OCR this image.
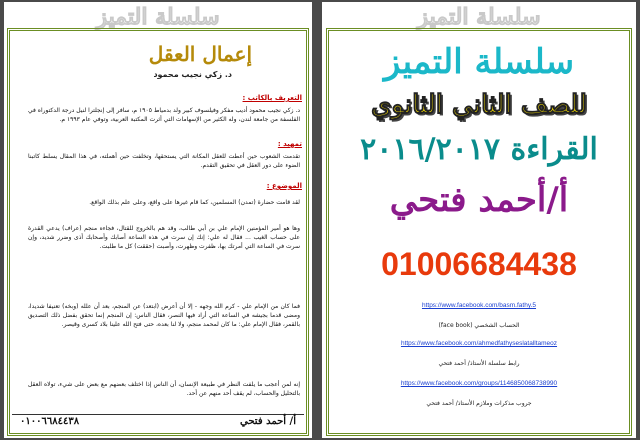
سلسلة التميز
إعمال العقل
د. زكي نجيب محمود
التعريف بالكاتب :
د. زكي نجيب محمود أديب مفكر وفيلسوف كبير ولد بدمياط ١٩٠٥ م، سافر إلى إنجلترا لنيل درجة الدكتوراه في الفلسفة من جامعة لندن، وله الكثير من الإسهامات التي أثرت المكتبة العربية، وتوفي عام ١٩٩٣ م.
تمهيد :
تقدمت الشعوب حين أعطت للعقل المكانة التي يستحقها، وتخلفت حين أهملته، في هذا المقال يسلط كاتبنا الضوء على دور العقل في تحقيق التقدم.
الموضوع :
لقد قامت حضارة (تمدن) المسلمين، كما قام غيرها على واقع، وعلى علم بذلك الواقع.
وها هو أمير المؤمنين الإمام علي بن أبي طالب، وقد هم بالخروج للقتال، فجاءه منجم (عراف) يدعي القدرة على حساب الغيب ... فقال له علي: إنك إن سرت في هذه الساعة أصابك وأصحابك أذى وضرر شديد، وإن سرت في الساعة التي أمرتك بها، ظفرت وظهرت، وأصبت (حققت) كل ما طلبت.
فما كان من الإمام علي - كرم الله وجهه - إلا أن أعرض (ابتعد) عن المنجم، بعد أن علله (وبخه) تعنيفا شديدا، ومضى قدما بجيشه في الساعة التي أراد فيها النصر، فقال الناس: إن المنجم إنما تحقق بفضل ذلك التصديق بالقمر، فقال الإمام علي: ما كان لمحمد منجم، ولا لنا بعده، حتى فتح الله علينا بلاد كسرى وقيصر.
إنه لمن أعجب ما يلفت النظر في طبيعة الإنسان، أن الناس إذا اختلف بعضهم مع بعض على شيء، تولاه العقل بالتحليل والحساب، لم يقف أحد منهم عن أحد.
٠١٠٠٦٦٨٤٤٣٨	أ/ أحمد فتحي
سلسلة التميز
سلسلة التميز
للصف الثاني الثانوي
القراءة ٢٠١٦/٢٠١٧
أ/أحمد فتحي
01006684438
https://www.facebook.com/basm.fathy.5
الحساب الشخصي (face book)
https://www.facebook.com/ahmedfathyseslatalltameoz
رابط سلسلة الأستاذ/ أحمد فتحي
https://www.facebook.com/groups/1146850068738990
جروب مذكرات وملازم الأستاذ/ أحمد فتحي
